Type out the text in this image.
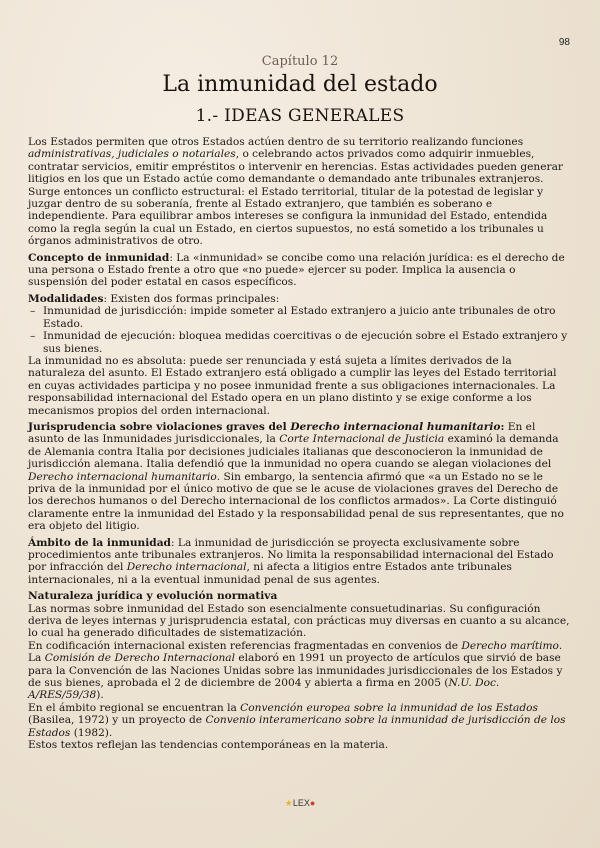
98
Capítulo 12
La inmunidad del estado
1.- IDEAS GENERALES

Los Estados permiten que otros Estados actúen dentro de su territorio realizando funciones administrativas, judiciales o notariales, o celebrando actos privados como adquirir inmuebles, contratar servicios, emitir empréstitos o intervenir en herencias. Estas actividades pueden generar litigios en los que un Estado actúe como demandante o demandado ante tribunales extranjeros.

Surge entonces un conflicto estructural: el Estado territorial, titular de la potestad de legislar y juzgar dentro de su soberanía, frente al Estado extranjero, que también es soberano e independiente. Para equilibrar ambos intereses se configura la inmunidad del Estado, entendida como la regla según la cual un Estado, en ciertos supuestos, no está sometido a los tribunales u órganos administrativos de otro.

Concepto de inmunidad: La «inmunidad» se concibe como una relación jurídica: es el derecho de una persona o Estado frente a otro que «no puede» ejercer su poder. Implica la ausencia o suspensión del poder estatal en casos específicos.

Modalidades: Existen dos formas principales:

– Inmunidad de jurisdicción: impide someter al Estado extranjero a juicio ante tribunales de otro Estado.
– Inmunidad de ejecución: bloquea medidas coercitivas o de ejecución sobre el Estado extranjero y sus bienes.

La inmunidad no es absoluta: puede ser renunciada y está sujeta a límites derivados de la naturaleza del asunto. El Estado extranjero está obligado a cumplir las leyes del Estado territorial en cuyas actividades participa y no posee inmunidad frente a sus obligaciones internacionales. La responsabilidad internacional del Estado opera en un plano distinto y se exige conforme a los mecanismos propios del orden internacional.

Jurisprudencia sobre violaciones graves del Derecho internacional humanitario: En el asunto de las Inmunidades jurisdiccionales, la Corte Internacional de Justicia examinó la demanda de Alemania contra Italia por decisiones judiciales italianas que desconocieron la inmunidad de jurisdicción alemana. Italia defendió que la inmunidad no opera cuando se alegan violaciones del Derecho internacional humanitario. Sin embargo, la sentencia afirmó que «a un Estado no se le priva de la inmunidad por el único motivo de que se le acuse de violaciones graves del Derecho de los derechos humanos o del Derecho internacional de los conflictos armados». La Corte distinguió claramente entre la inmunidad del Estado y la responsabilidad penal de sus representantes, que no era objeto del litigio.

Ámbito de la inmunidad: La inmunidad de jurisdicción se proyecta exclusivamente sobre procedimientos ante tribunales extranjeros. No limita la responsabilidad internacional del Estado por infracción del Derecho internacional, ni afecta a litigios entre Estados ante tribunales internacionales, ni a la eventual inmunidad penal de sus agentes.

Naturaleza jurídica y evolución normativa

Las normas sobre inmunidad del Estado son esencialmente consuetudinarias. Su configuración deriva de leyes internas y jurisprudencia estatal, con prácticas muy diversas en cuanto a su alcance, lo cual ha generado dificultades de sistematización.

En codificación internacional existen referencias fragmentadas en convenios de Derecho marítimo. La Comisión de Derecho Internacional elaboró en 1991 un proyecto de artículos que sirvió de base para la Convención de las Naciones Unidas sobre las inmunidades jurisdiccionales de los Estados y de sus bienes, aprobada el 2 de diciembre de 2004 y abierta a firma en 2005 (N.U. Doc. A/RES/59/38).

En el ámbito regional se encuentran la Convención europea sobre la inmunidad de los Estados (Basilea, 1972) y un proyecto de Convenio interamericano sobre la inmunidad de jurisdicción de los Estados (1982).

Estos textos reflejan las tendencias contemporáneas en la materia.

★LEX●
